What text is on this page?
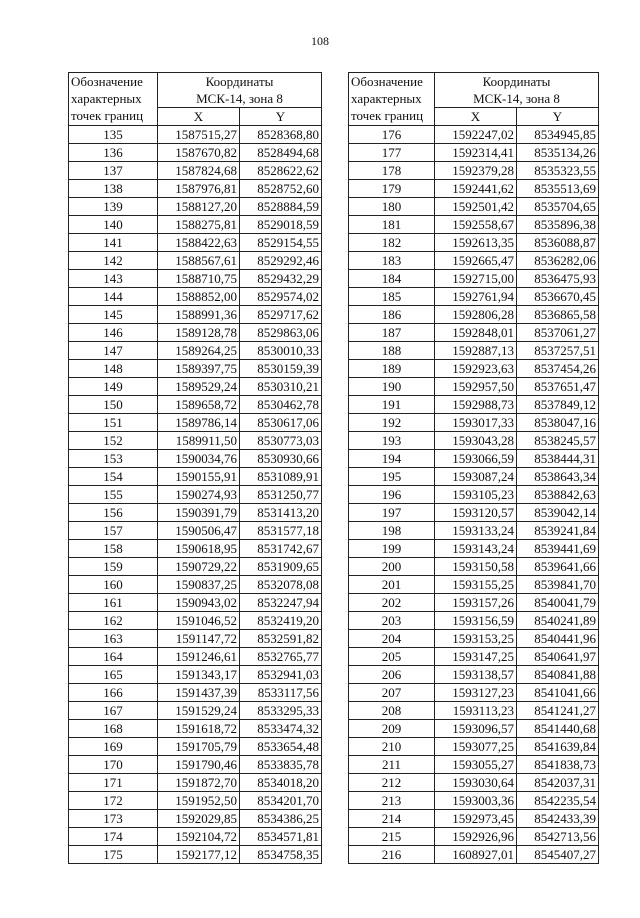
108
Обозначение
характерных
точек границ	Координаты
МСК-14, зона 8	

	X	Y
135	1587515,27	8528368,80
136	1587670,82	8528494,68
137	1587824,68	8528622,62
138	1587976,81	8528752,60
139	1588127,20	8528884,59
140	1588275,81	8529018,59
141	1588422,63	8529154,55
142	1588567,61	8529292,46
143	1588710,75	8529432,29
144	1588852,00	8529574,02
145	1588991,36	8529717,62
146	1589128,78	8529863,06
147	1589264,25	8530010,33
148	1589397,75	8530159,39
149	1589529,24	8530310,21
150	1589658,72	8530462,78
151	1589786,14	8530617,06
152	1589911,50	8530773,03
153	1590034,76	8530930,66
154	1590155,91	8531089,91
155	1590274,93	8531250,77
156	1590391,79	8531413,20
157	1590506,47	8531577,18
158	1590618,95	8531742,67
159	1590729,22	8531909,65
160	1590837,25	8532078,08
161	1590943,02	8532247,94
162	1591046,52	8532419,20
163	1591147,72	8532591,82
164	1591246,61	8532765,77
165	1591343,17	8532941,03
166	1591437,39	8533117,56
167	1591529,24	8533295,33
168	1591618,72	8533474,32
169	1591705,79	8533654,48
170	1591790,46	8533835,78
171	1591872,70	8534018,20
172	1591952,50	8534201,70
173	1592029,85	8534386,25
174	1592104,72	8534571,81
175	1592177,12	8534758,35
Обозначение
характерных
точек границ	Координаты
МСК-14, зона 8	

	X	Y
176	1592247,02	8534945,85
177	1592314,41	8535134,26
178	1592379,28	8535323,55
179	1592441,62	8535513,69
180	1592501,42	8535704,65
181	1592558,67	8535896,38
182	1592613,35	8536088,87
183	1592665,47	8536282,06
184	1592715,00	8536475,93
185	1592761,94	8536670,45
186	1592806,28	8536865,58
187	1592848,01	8537061,27
188	1592887,13	8537257,51
189	1592923,63	8537454,26
190	1592957,50	8537651,47
191	1592988,73	8537849,12
192	1593017,33	8538047,16
193	1593043,28	8538245,57
194	1593066,59	8538444,31
195	1593087,24	8538643,34
196	1593105,23	8538842,63
197	1593120,57	8539042,14
198	1593133,24	8539241,84
199	1593143,24	8539441,69
200	1593150,58	8539641,66
201	1593155,25	8539841,70
202	1593157,26	8540041,79
203	1593156,59	8540241,89
204	1593153,25	8540441,96
205	1593147,25	8540641,97
206	1593138,57	8540841,88
207	1593127,23	8541041,66
208	1593113,23	8541241,27
209	1593096,57	8541440,68
210	1593077,25	8541639,84
211	1593055,27	8541838,73
212	1593030,64	8542037,31
213	1593003,36	8542235,54
214	1592973,45	8542433,39
215	1592926,96	8542713,56
216	1608927,01	8545407,27
